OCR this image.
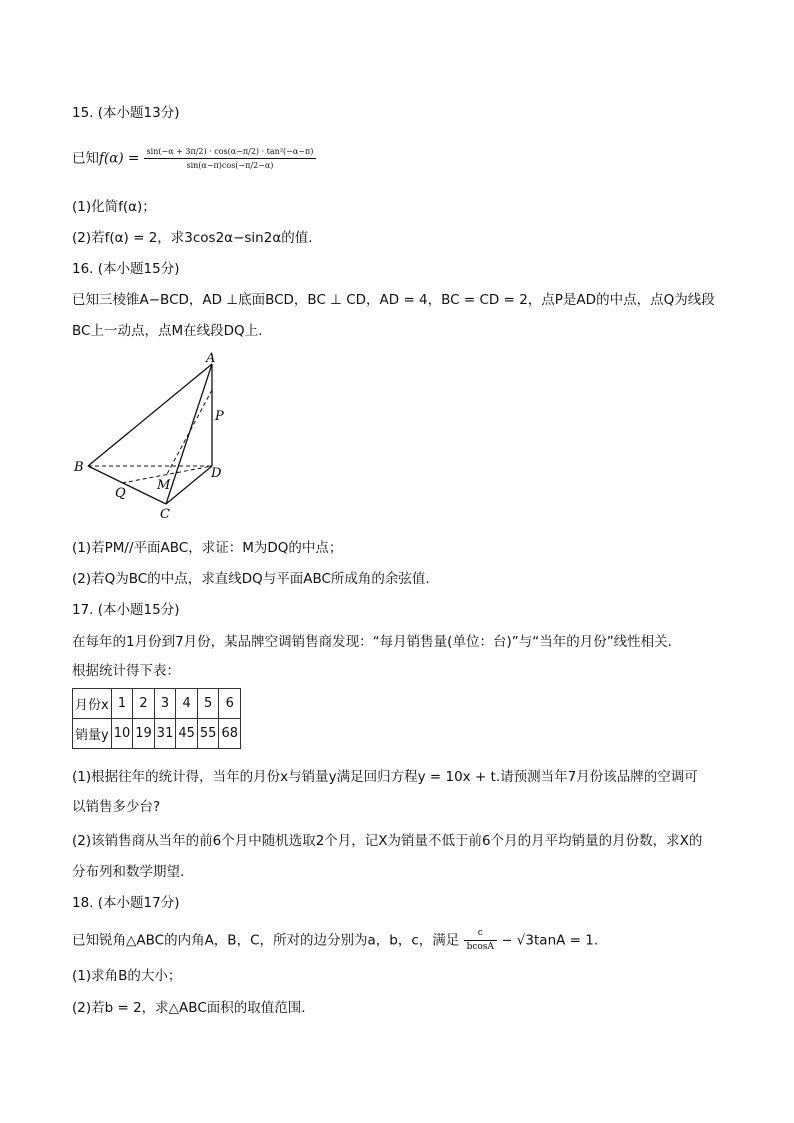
15. (本小题13分)
已知$f(\alpha) = \frac{\text{sin(−α + 3π/2) · cos(α−π/2) · tan²(−α−π)}}{\sin(\alpha-\pi)\cos(-\pi/2-\alpha)}$
(1)化简f(α)；
(2)若f(α) = 2，求3cos2α−sin2α的值.
16. (本小题15分)
已知三棱锥A−BCD，AD ⊥底面BCD，BC ⊥ CD，AD = 4，BC = CD = 2，点P是AD的中点，点Q为线段
BC上一动点，点M在线段DQ上.
A
B
C
D
P
Q
M
(1)若PM//平面ABC，求证：M为DQ的中点；
(2)若Q为BC的中点，求直线DQ与平面ABC所成角的余弦值.
17. (本小题15分)
在每年的1月份到7月份，某品牌空调销售商发现：“每月销售量(单位：台)”与“当年的月份”线性相关.
根据统计得下表：
月份x	1	2	3	4	5	6
销量y	10	19	31	45	55	68
(1)根据往年的统计得，当年的月份x与销量y满足回归方程y = 10x + t.请预测当年7月份该品牌的空调可
以销售多少台?
(2)该销售商从当年的前6个月中随机选取2个月，记X为销量不低于前6个月的月平均销量的月份数，求X的
分布列和数学期望.
18. (本小题17分)
已知锐角△ABC的内角A，B，C，所对的边分别为a，b，c，满足 $\frac{c}{bcosA} - √3\tan A = 1$.
(1)求角B的大小；
(2)若b = 2，求△ABC面积的取值范围.
